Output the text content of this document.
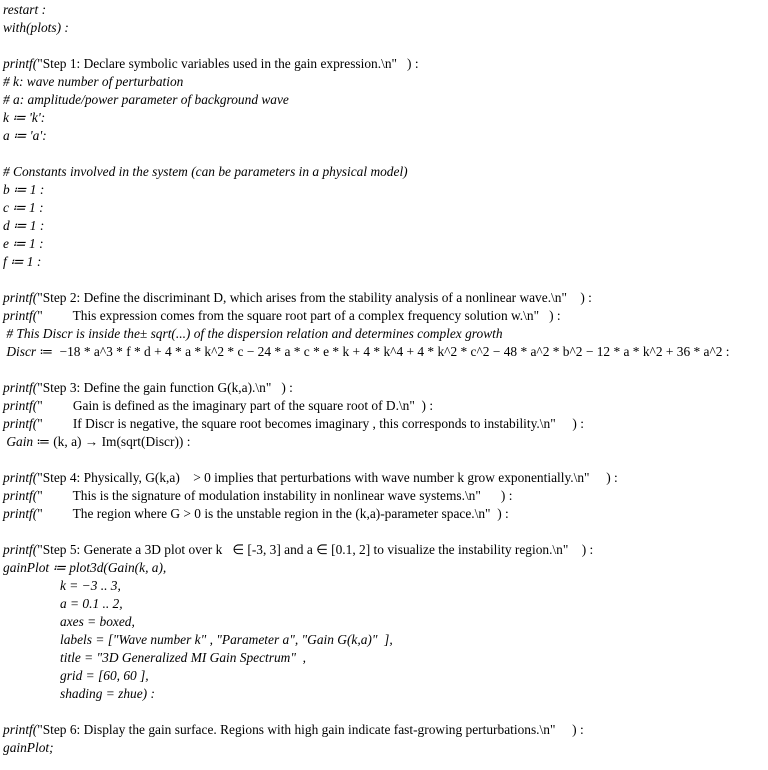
restart :
with(plots) :
printf("Step 1: Declare symbolic variables used in the gain expression.\n"   ) :
# k: wave number of perturbation
# a: amplitude/power parameter of background wave
k ≔ 'k':
a ≔ 'a':
# Constants involved in the system (can be parameters in a physical model)
b ≔ 1 :
c ≔ 1 :
d ≔ 1 :
e ≔ 1 :
f ≔ 1 :
printf("Step 2: Define the discriminant D, which arises from the stability analysis of a nonlinear wave.\n"    ) :
printf("         This expression comes from the square root part of a complex frequency solution w.\n"   ) :
# This Discr is inside the± sqrt(...) of the dispersion relation and determines complex growth
Discr ≔  −18 * a^3 * f * d + 4 * a * k^2 * c − 24 * a * c * e * k + 4 * k^4 + 4 * k^2 * c^2 − 48 * a^2 * b^2 − 12 * a * k^2 + 36 * a^2 :
printf("Step 3: Define the gain function G(k,a).\n"   ) :
printf("         Gain is defined as the imaginary part of the square root of D.\n"  ) :
printf("         If Discr is negative, the square root becomes imaginary , this corresponds to instability.\n"     ) :
Gain ≔ (k, a) → Im(sqrt(Discr)) :
printf("Step 4: Physically, G(k,a)    > 0 implies that perturbations with wave number k grow exponentially.\n"     ) :
printf("         This is the signature of modulation instability in nonlinear wave systems.\n"      ) :
printf("         The region where G > 0 is the unstable region in the (k,a)-parameter space.\n"  ) :
printf("Step 5: Generate a 3D plot over k   ∈ [-3, 3] and a ∈ [0.1, 2] to visualize the instability region.\n"    ) :
gainPlot ≔ plot3d(Gain(k, a),
k = −3 .. 3,
a = 0.1 .. 2,
axes = boxed,
labels = ["Wave number k" , "Parameter a", "Gain G(k,a)"  ],
title = "3D Generalized MI Gain Spectrum"  ,
grid = [60, 60 ],
shading = zhue) :
printf("Step 6: Display the gain surface. Regions with high gain indicate fast-growing perturbations.\n"     ) :
gainPlot;
